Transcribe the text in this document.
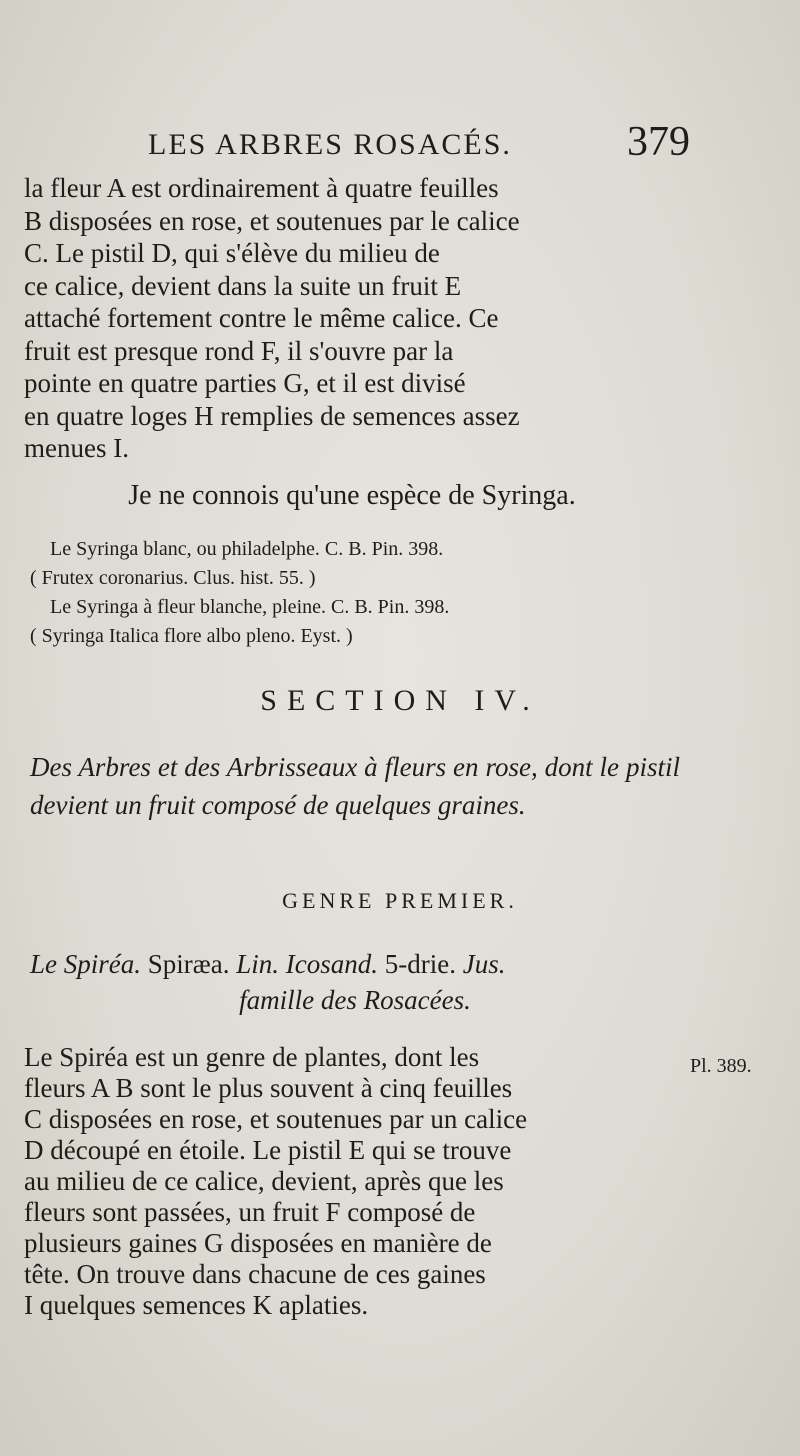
LES ARBRES ROSACÉS.	379
la fleur A est ordinairement à quatre feuilles
B disposées en rose, et soutenues par le calice
C. Le pistil D, qui s'élève du milieu de
ce calice, devient dans la suite un fruit E
attaché fortement contre le même calice. Ce
fruit est presque rond F, il s'ouvre par la
pointe en quatre parties G, et il est divisé
en quatre loges H remplies de semences assez
menues I.
Je ne connois qu'une espèce de Syringa.
Le Syringa blanc, ou philadelphe. C. B. Pin. 398.
( Frutex coronarius. Clus. hist. 55. )
Le Syringa à fleur blanche, pleine. C. B. Pin. 398.
( Syringa Italica flore albo pleno. Eyst. )
SECTION IV.
Des Arbres et des Arbrisseaux à fleurs en rose, dont le pistil devient un fruit composé de quelques graines.
GENRE PREMIER.
Le Spiréa. Spiræa. Lin. Icosand. 5-drie. Jus.
famille des Rosacées.
Le Spiréa est un genre de plantes, dont les
fleurs A B sont le plus souvent à cinq feuilles
C disposées en rose, et soutenues par un calice
D découpé en étoile. Le pistil E qui se trouve
au milieu de ce calice, devient, après que les
fleurs sont passées, un fruit F composé de
plusieurs gaines G disposées en manière de
tête. On trouve dans chacune de ces gaines
I quelques semences K aplaties.
Pl. 389.
